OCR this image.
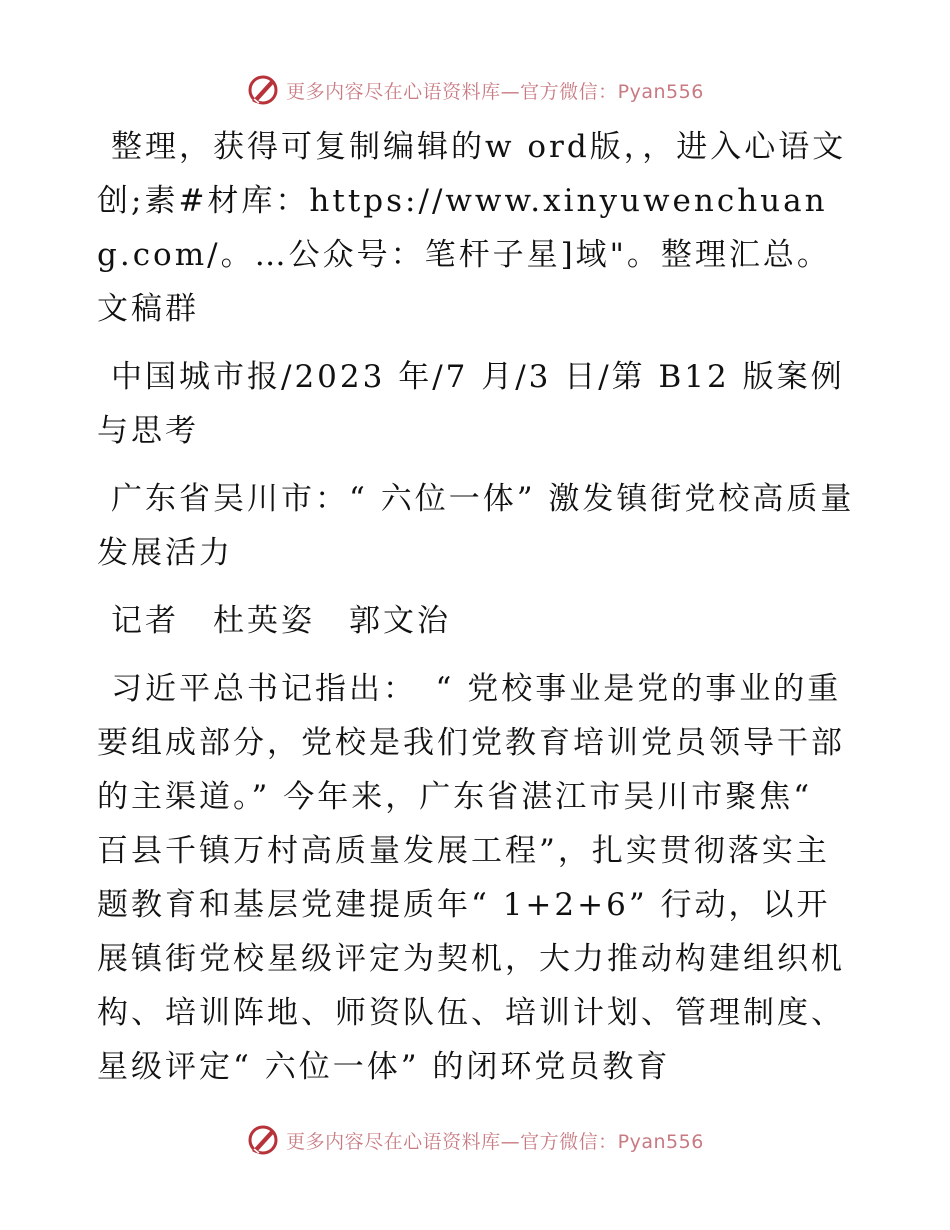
更多内容尽在心语资料库—官方微信：Pyan556

整理，获得可复制编辑的w ord版，，进入心语文创;素#材库：https://www.xinyuwenchuang.com/。…公众号：笔杆子星]域"。整理汇总。文稿群

中国城市报/2023 年/7 月/3 日/第 B12 版案例与思考

广东省吴川市：“ 六位一体” 激发镇街党校高质量发展活力

记者　杜英姿　郭文治

习近平总书记指出：　“ 党校事业是党的事业的重要组成部分，党校是我们党教育培训党员领导干部的主渠道。” 今年来，广东省湛江市吴川市聚焦“ 百县千镇万村高质量发展工程”，扎实贯彻落实主题教育和基层党建提质年“ 1+2+6” 行动，以开展镇街党校星级评定为契机，大力推动构建组织机构、培训阵地、师资队伍、培训计划、管理制度、星级评定“ 六位一体” 的闭环党员教育

更多内容尽在心语资料库—官方微信：Pyan556
